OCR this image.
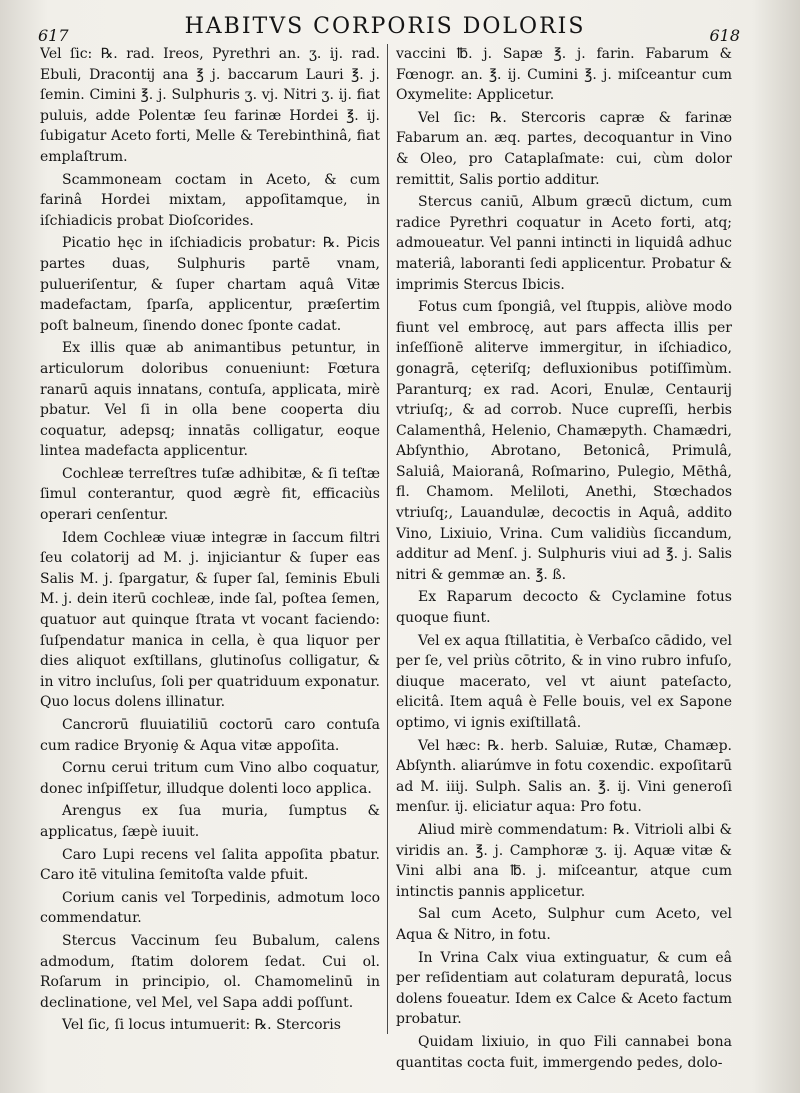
617	HABITVS CORPORIS DOLORIS	618

Vel ſic: ℞. rad. Ireos, Pyrethri an. ʒ. ij. rad. Ebuli, Dracontij ana ℥ j. baccarum Lauri ℥. j. ſemin. Cimini ℥. j. Sulphuris ʒ. vj. Nitri ʒ. ij. fiat puluis, adde Polentæ ſeu farinæ Hordei ℥. ij. ſubigatur Aceto forti, Melle & Terebinthinâ, fiat emplaſtrum.

Scammoneam coctam in Aceto, & cum farinâ Hordei mixtam, appoſitamque, in iſchiadicis probat Dioſcorides.

Picatio hęc in iſchiadicis probatur: ℞. Picis partes duas, Sulphuris partē vnam, pulueriſentur, & ſuper chartam aquâ Vitæ madefactam, ſparſa, applicentur, præſertim poſt balneum, ſinendo donec ſponte cadat.

Ex illis quæ ab animantibus petuntur, in articulorum doloribus conueniunt: Fœtura ranarū aquis innatans, contuſa, applicata, mirè pbatur. Vel ſi in olla bene cooperta diu coquatur, adepsq; innatās colligatur, eoque lintea madefacta applicentur.

Cochleæ terreſtres tuſæ adhibitæ, & ſi teſtæ ſimul conterantur, quod ægrè fit, efficaciùs operari cenſentur.

Idem Cochleæ viuæ integræ in ſaccum filtri ſeu colatorij ad M. j. injiciantur & ſuper eas Salis M. j. ſpargatur, & ſuper ſal, ſeminis Ebuli M. j. dein iterū cochleæ, inde ſal, poſtea ſemen, quatuor aut quinque ſtrata vt vocant faciendo: ſuſpendatur manica in cella, è qua liquor per dies aliquot exſtillans, glutinoſus colligatur, & in vitro incluſus, ſoli per quatriduum exponatur. Quo locus dolens illinatur.

Cancrorū fluuiatiliū coctorū caro contuſa cum radice Bryoniȩ & Aqua vitæ appoſita.

Cornu cerui tritum cum Vino albo coquatur, donec inſpiſſetur, illudque dolenti loco applica.

Arengus ex ſua muria, ſumptus & applicatus, ſæpè iuuit.

Caro Lupi recens vel ſalita appoſita pbatur. Caro itē vitulina ſemitoſta valde pfuit.

Corium canis vel Torpedinis, admotum loco commendatur.

Stercus Vaccinum ſeu Bubalum, calens admodum, ſtatim dolorem ſedat. Cui ol. Roſarum in principio, ol. Chamomelinū in declinatione, vel Mel, vel Sapa addi poſſunt.

Vel ſic, ſi locus intumuerit: ℞. Stercoris

vaccini ℔. j. Sapæ ℥. j. farin. Fabarum & Fœnogr. an. ℥. ij. Cumini ℥. j. miſceantur cum Oxymelite: Applicetur.

Vel ſic: ℞. Stercoris capræ & farinæ Fabarum an. æq. partes, decoquantur in Vino & Oleo, pro Cataplaſmate: cui, cùm dolor remittit, Salis portio additur.

Stercus caniū, Album græcū dictum, cum radice Pyrethri coquatur in Aceto forti, atq; admoueatur. Vel panni intincti in liquidâ adhuc materiâ, laboranti ſedi applicentur. Probatur & imprimis Stercus Ibicis.

Fotus cum ſpongiâ, vel ſtuppis, aliòve modo fiunt vel embrocę, aut pars affecta illis per inſeſſionē aliterve immergitur, in iſchiadico, gonagrā, cęteriſq; defluxionibus potiſſimùm. Paranturq; ex rad. Acori, Enulæ, Centaurij vtriuſq;, & ad corrob. Nuce cupreſſi, herbis Calamenthâ, Helenio, Chamæpyth. Chamædri, Abſynthio, Abrotano, Betonicâ, Primulâ, Saluiâ, Maioranâ, Roſmarino, Pulegio, Mēthâ, fl. Chamom. Meliloti, Anethi, Stœchados vtriuſq;, Lauandulæ, decoctis in Aquâ, addito Vino, Lixiuio, Vrina. Cum validiùs ſiccandum, additur ad Menſ. j. Sulphuris viui ad ℥. j. Salis nitri & gemmæ an. ℥. ß.

Ex Raparum decocto & Cyclamine fotus quoque fiunt.

Vel ex aqua ſtillatitia, è Verbaſco cādido, vel per ſe, vel priùs cōtrito, & in vino rubro infuſo, diuque macerato, vel vt aiunt pateſacto, elicitâ. Item aquâ è Felle bouis, vel ex Sapone optimo, vi ignis exiſtillatâ.

Vel hæc: ℞. herb. Saluiæ, Rutæ, Chamæp. Abſynth. aliarúmve in fotu coxendic. expoſitarū ad M. iiij. Sulph. Salis an. ℥. ij. Vini generoſi menſur. ij. eliciatur aqua: Pro fotu.

Aliud mirè commendatum: ℞. Vitrioli albi & viridis an. ℥. j. Camphoræ ʒ. ij. Aquæ vitæ & Vini albi ana ℔. j. miſceantur, atque cum intinctis pannis applicetur.

Sal cum Aceto, Sulphur cum Aceto, vel Aqua & Nitro, in fotu.

In Vrina Calx viua extinguatur, & cum eâ per reſidentiam aut colaturam depuratâ, locus dolens foueatur. Idem ex Calce & Aceto factum probatur.

Quidam lixiuio, in quo Fili cannabei bona quantitas cocta fuit, immergendo pedes, dolo-
